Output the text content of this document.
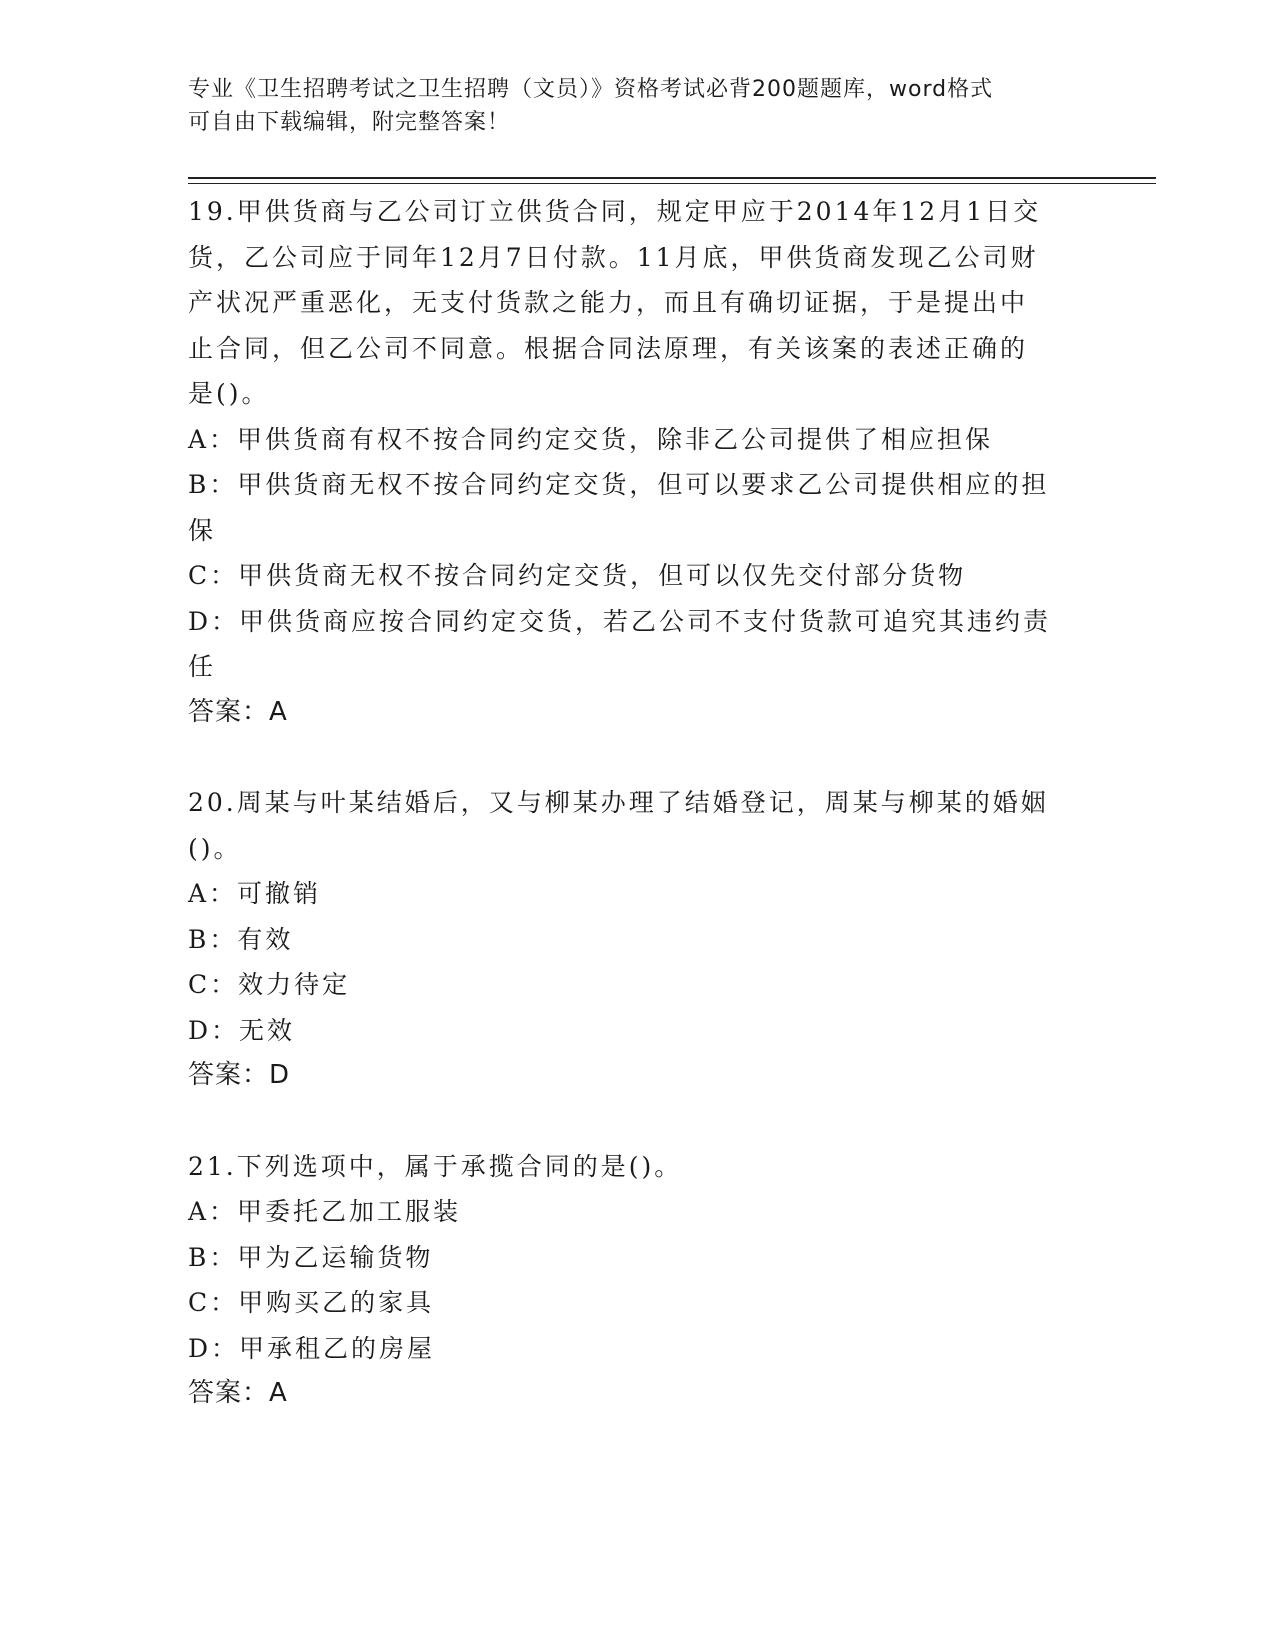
专业《卫生招聘考试之卫生招聘（文员）》资格考试必背200题题库，word格式
可自由下载编辑，附完整答案！
19.甲供货商与乙公司订立供货合同，规定甲应于2014年12月1日交
货，乙公司应于同年12月7日付款。11月底，甲供货商发现乙公司财
产状况严重恶化，无支付货款之能力，而且有确切证据，于是提出中
止合同，但乙公司不同意。根据合同法原理，有关该案的表述正确的
是()。
A：甲供货商有权不按合同约定交货，除非乙公司提供了相应担保
B：甲供货商无权不按合同约定交货，但可以要求乙公司提供相应的担
保
C：甲供货商无权不按合同约定交货，但可以仅先交付部分货物
D：甲供货商应按合同约定交货，若乙公司不支付货款可追究其违约责
任
答案：A
20.周某与叶某结婚后，又与柳某办理了结婚登记，周某与柳某的婚姻
()。
A：可撤销
B：有效
C：效力待定
D：无效
答案：D
21.下列选项中，属于承揽合同的是()。
A：甲委托乙加工服装
B：甲为乙运输货物
C：甲购买乙的家具
D：甲承租乙的房屋
答案：A
